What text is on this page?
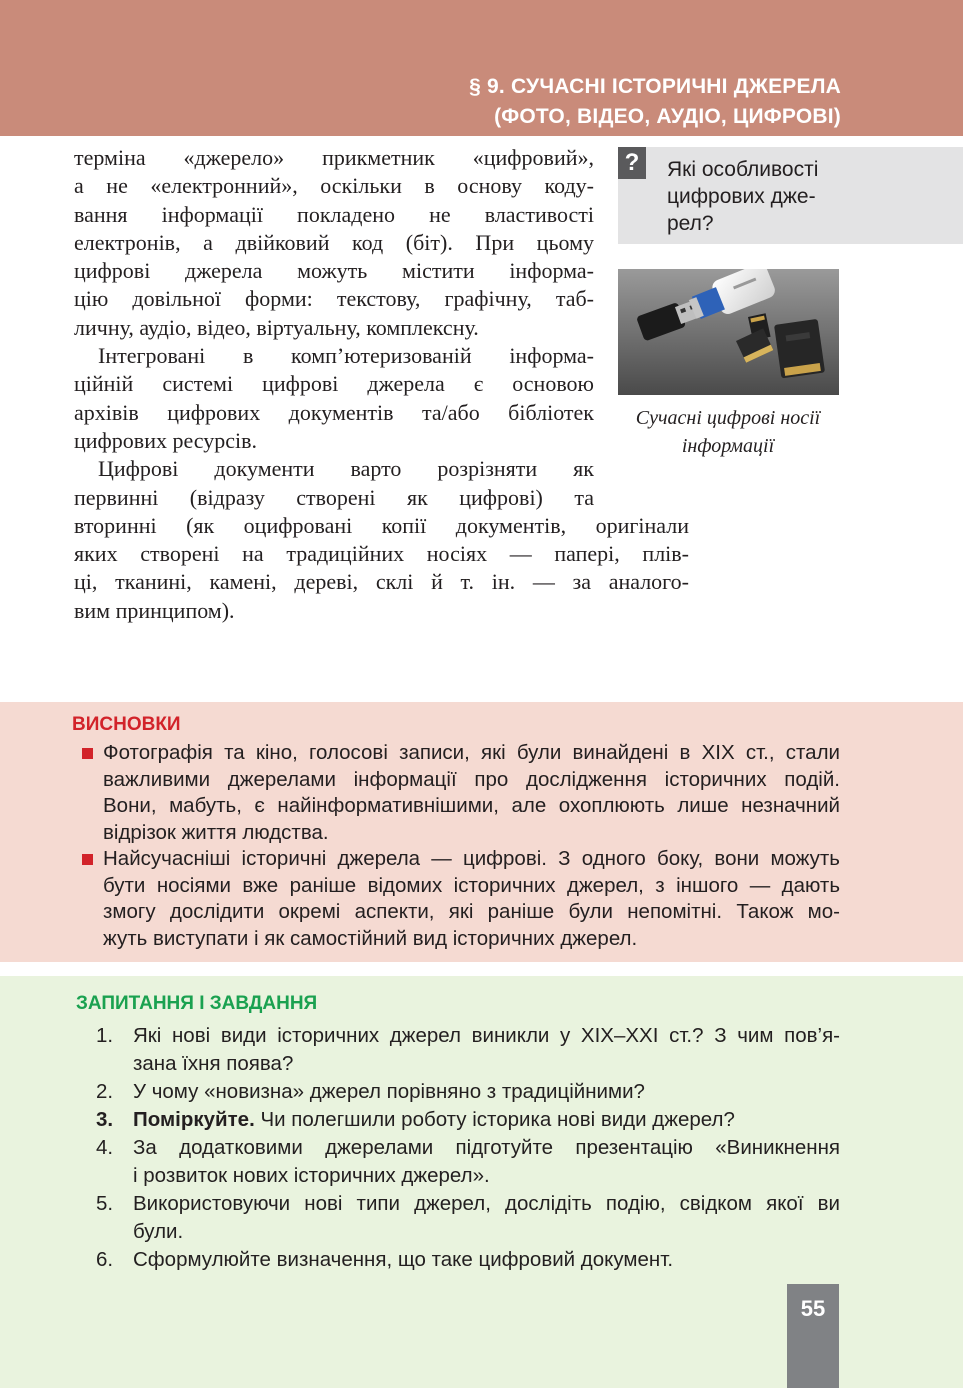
§ 9. СУЧАСНІ ІСТОРИЧНІ ДЖЕРЕЛА
(ФОТО, ВІДЕО, АУДІО, ЦИФРОВІ)
терміна «джерело» прикметник «цифровий»,
а не «електронний», оскільки в основу коду-
вання інформації покладено не властивості
електронів, а двійковий код (біт). При цьому
цифрові джерела можуть містити інформа-
цію довільної форми: текстову, графічну, таб-
личну, аудіо, відео, віртуальну, комплексну.
Інтегровані в комп’ютеризованій інформа-
ційній системі цифрові джерела є основою
архівів цифрових документів та/або бібліотек
цифрових ресурсів.
Цифрові документи варто розрізняти як
первинні (відразу створені як цифрові) та
вторинні (як оцифровані копії документів, оригінали
яких створені на традиційних носіях — папері, плів-
ці, тканині, камені, дереві, склі й т. ін. — за аналого-
вим принципом).
?	Які особливості
цифрових дже-
рел?
Сучасні цифрові носії
інформації
ВИСНОВКИ
Фотографія та кіно, голосові записи, які були винайдені в XIX ст., стали
важливими джерелами інформації про дослідження історичних подій.
Вони, мабуть, є найінформативнішими, але охоплюють лише незначний
відрізок життя людства.
Найсучасніші історичні джерела — цифрові. З одного боку, вони можуть
бути носіями вже раніше відомих історичних джерел, з іншого — дають
змогу дослідити окремі аспекти, які раніше були непомітні. Також мо-
жуть виступати і як самостійний вид історичних джерел.
ЗАПИТАННЯ І ЗАВДАННЯ
1. Які нові види історичних джерел виникли у XIX–XXI ст.? З чим пов’я-
зана їхня поява?
2. У чому «новизна» джерел порівняно з традиційними?
3. Поміркуйте. Чи полегшили роботу історика нові види джерел?
4. За додатковими джерелами підготуйте презентацію «Виникнення
і розвиток нових історичних джерел».
5. Використовуючи нові типи джерел, дослідіть подію, свідком якої ви
були.
6. Сформулюйте визначення, що таке цифровий документ.
55
